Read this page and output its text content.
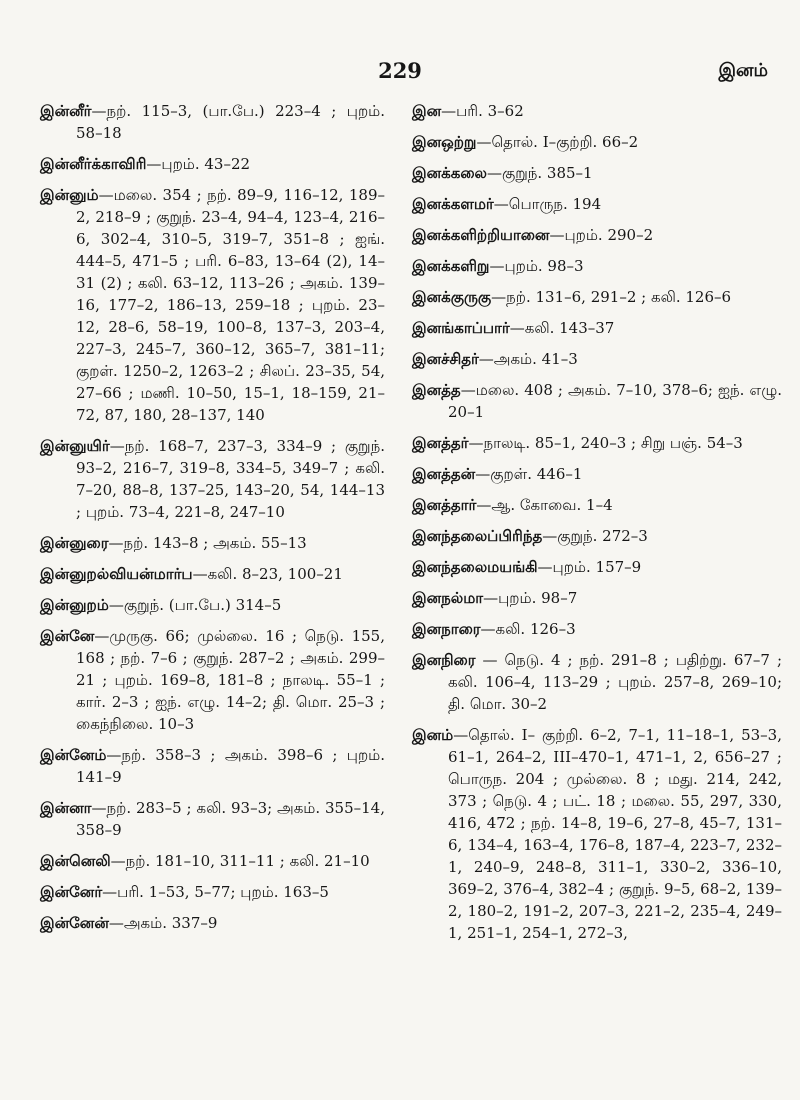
229	இனம்

இன்னீர்—நற். 115–3, (பா.பே.) 223–4 ; புறம். 58–18

இன்னீர்க்காவிரி—புறம். 43–22

இன்னும்—மலை. 354 ; நற். 89–9, 116–12, 189–2, 218–9 ; குறுந். 23–4, 94–4, 123–4, 216–6, 302–4, 310–5, 319–7, 351–8 ; ஐங். 444–5, 471–5 ; பரி. 6–83, 13–64 (2), 14–31 (2) ; கலி. 63–12, 113–26 ; அகம். 139–16, 177–2, 186–13, 259–18 ; புறம். 23–12, 28–6, 58–19, 100–8, 137–3, 203–4, 227–3, 245–7, 360–12, 365–7, 381–11; குறள். 1250–2, 1263–2 ; சிலப். 23–35, 54, 27–66 ; மணி. 10–50, 15–1, 18–159, 21–72, 87, 180, 28–137, 140

இன்னுயிர்—நற். 168–7, 237–3, 334–9 ; குறுந். 93–2, 216–7, 319–8, 334–5, 349–7 ; கலி. 7–20, 88–8, 137–25, 143–20, 54, 144–13 ; புறம். 73–4, 221–8, 247–10

இன்னுரை—நற். 143–8 ; அகம். 55–13

இன்னுறல்வியன்மார்ப—கலி. 8–23, 100–21

இன்னுறம்—குறுந். (பா.பே.) 314–5

இன்னே—முருகு. 66; முல்லை. 16 ; நெடு. 155, 168 ; நற். 7–6 ; குறுந். 287–2 ; அகம். 299–21 ; புறம். 169–8, 181–8 ; நாலடி. 55–1 ; கார். 2–3 ; ஐந். எழு. 14–2; தி. மொ. 25–3 ; கைந்நிலை. 10–3

இன்னேம்—நற். 358–3 ; அகம். 398–6 ; புறம். 141–9

இன்னா—நற். 283–5 ; கலி. 93–3; அகம். 355–14, 358–9

இன்னெலி—நற். 181–10, 311–11 ; கலி. 21–10

இன்னேர்—பரி. 1–53, 5–77; புறம். 163–5

இன்னேன்—அகம். 337–9

இன—பரி. 3–62

இனஒற்று—தொல். I–குற்றி. 66–2

இனக்கலை—குறுந். 385–1

இனக்களமர்—பொருந. 194

இனக்களிற்றியானை—புறம். 290–2

இனக்களிறு—புறம். 98–3

இனக்குருகு—நற். 131–6, 291–2 ; கலி. 126–6

இனங்காப்பார்—கலி. 143–37

இனச்சிதர்—அகம். 41–3

இனத்த—மலை. 408 ; அகம். 7–10, 378–6; ஐந். எழு. 20–1

இனத்தர்—நாலடி. 85–1, 240–3 ; சிறு பஞ். 54–3

இனத்தன்—குறள். 446–1

இனத்தார்—ஆ. கோவை. 1–4

இனந்தலைப்பிரிந்த—குறுந். 272–3

இனந்தலைமயங்கி—புறம். 157–9

இனநல்மா—புறம். 98–7

இனநாரை—கலி. 126–3

இனநிரை — நெடு. 4 ; நற். 291–8 ; பதிற்று. 67–7 ; கலி. 106–4, 113–29 ; புறம். 257–8, 269–10; தி. மொ. 30–2

இனம்—தொல். I– குற்றி. 6–2, 7–1, 11–18–1, 53–3, 61–1, 264–2, III–470–1, 471–1, 2, 656–27 ; பொருந. 204 ; முல்லை. 8 ; மது. 214, 242, 373 ; நெடு. 4 ; பட். 18 ; மலை. 55, 297, 330, 416, 472 ; நற். 14–8, 19–6, 27–8, 45–7, 131–6, 134–4, 163–4, 176–8, 187–4, 223–7, 232–1, 240–9, 248–8, 311–1, 330–2, 336–10, 369–2, 376–4, 382–4 ; குறுந். 9–5, 68–2, 139–2, 180–2, 191–2, 207–3, 221–2, 235–4, 249–1, 251–1, 254–1, 272–3,
